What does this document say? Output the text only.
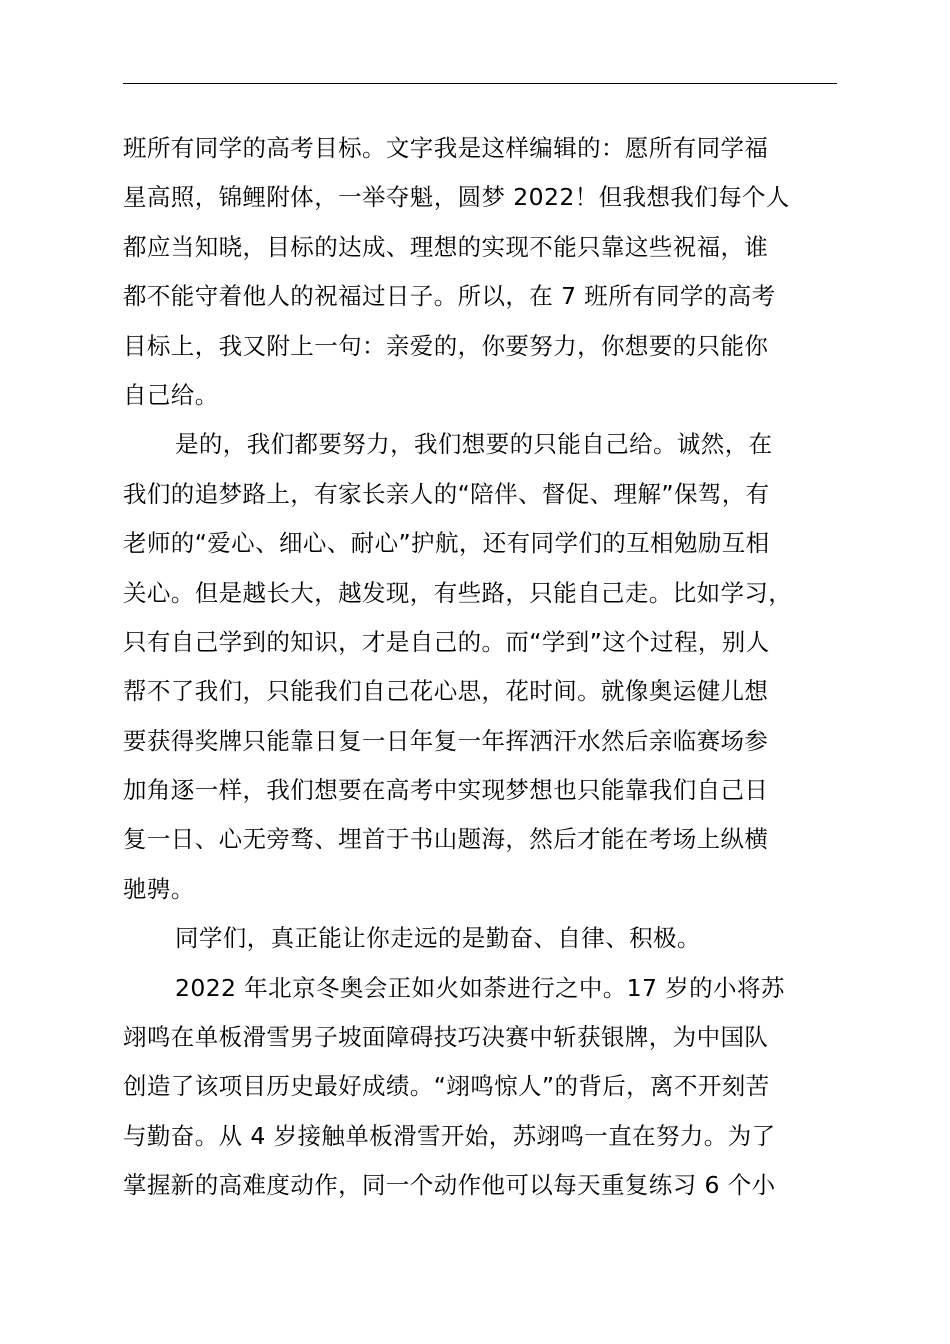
班所有同学的高考目标。文字我是这样编辑的：愿所有同学福
星高照，锦鲤附体，一举夺魁，圆梦 2022！但我想我们每个人
都应当知晓，目标的达成、理想的实现不能只靠这些祝福，谁
都不能守着他人的祝福过日子。所以，在 7 班所有同学的高考
目标上，我又附上一句：亲爱的，你要努力，你想要的只能你
自己给。
是的，我们都要努力，我们想要的只能自己给。诚然，在
我们的追梦路上，有家长亲人的“陪伴、督促、理解”保驾，有
老师的“爱心、细心、耐心”护航，还有同学们的互相勉励互相
关心。但是越长大，越发现，有些路，只能自己走。比如学习，
只有自己学到的知识，才是自己的。而“学到”这个过程，别人
帮不了我们，只能我们自己花心思，花时间。就像奥运健儿想
要获得奖牌只能靠日复一日年复一年挥洒汗水然后亲临赛场参
加角逐一样，我们想要在高考中实现梦想也只能靠我们自己日
复一日、心无旁骛、埋首于书山题海，然后才能在考场上纵横
驰骋。
同学们，真正能让你走远的是勤奋、自律、积极。
2022 年北京冬奥会正如火如荼进行之中。17 岁的小将苏
翊鸣在单板滑雪男子坡面障碍技巧决赛中斩获银牌，为中国队
创造了该项目历史最好成绩。“翊鸣惊人”的背后，离不开刻苦
与勤奋。从 4 岁接触单板滑雪开始，苏翊鸣一直在努力。为了
掌握新的高难度动作，同一个动作他可以每天重复练习 6 个小
